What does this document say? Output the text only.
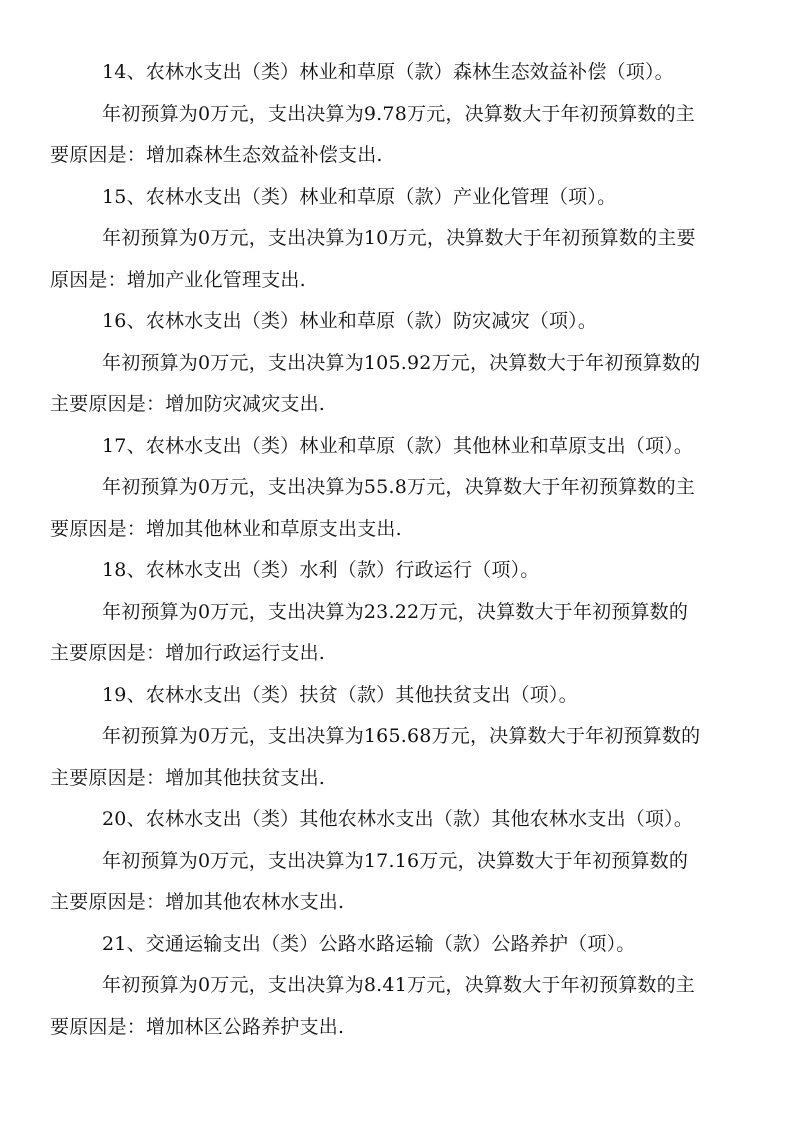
14、农林水支出（类）林业和草原（款）森林生态效益补偿（项）。
年初预算为0万元，支出决算为9.78万元，决算数大于年初预算数的主
要原因是：增加森林生态效益补偿支出.
15、农林水支出（类）林业和草原（款）产业化管理（项）。
年初预算为0万元，支出决算为10万元，决算数大于年初预算数的主要
原因是：增加产业化管理支出.
16、农林水支出（类）林业和草原（款）防灾减灾（项）。
年初预算为0万元，支出决算为105.92万元，决算数大于年初预算数的
主要原因是：增加防灾减灾支出.
17、农林水支出（类）林业和草原（款）其他林业和草原支出（项）。
年初预算为0万元，支出决算为55.8万元，决算数大于年初预算数的主
要原因是：增加其他林业和草原支出支出.
18、农林水支出（类）水利（款）行政运行（项）。
年初预算为0万元，支出决算为23.22万元，决算数大于年初预算数的
主要原因是：增加行政运行支出.
19、农林水支出（类）扶贫（款）其他扶贫支出（项）。
年初预算为0万元，支出决算为165.68万元，决算数大于年初预算数的
主要原因是：增加其他扶贫支出.
20、农林水支出（类）其他农林水支出（款）其他农林水支出（项）。
年初预算为0万元，支出决算为17.16万元，决算数大于年初预算数的
主要原因是：增加其他农林水支出.
21、交通运输支出（类）公路水路运输（款）公路养护（项）。
年初预算为0万元，支出决算为8.41万元，决算数大于年初预算数的主
要原因是：增加林区公路养护支出.
